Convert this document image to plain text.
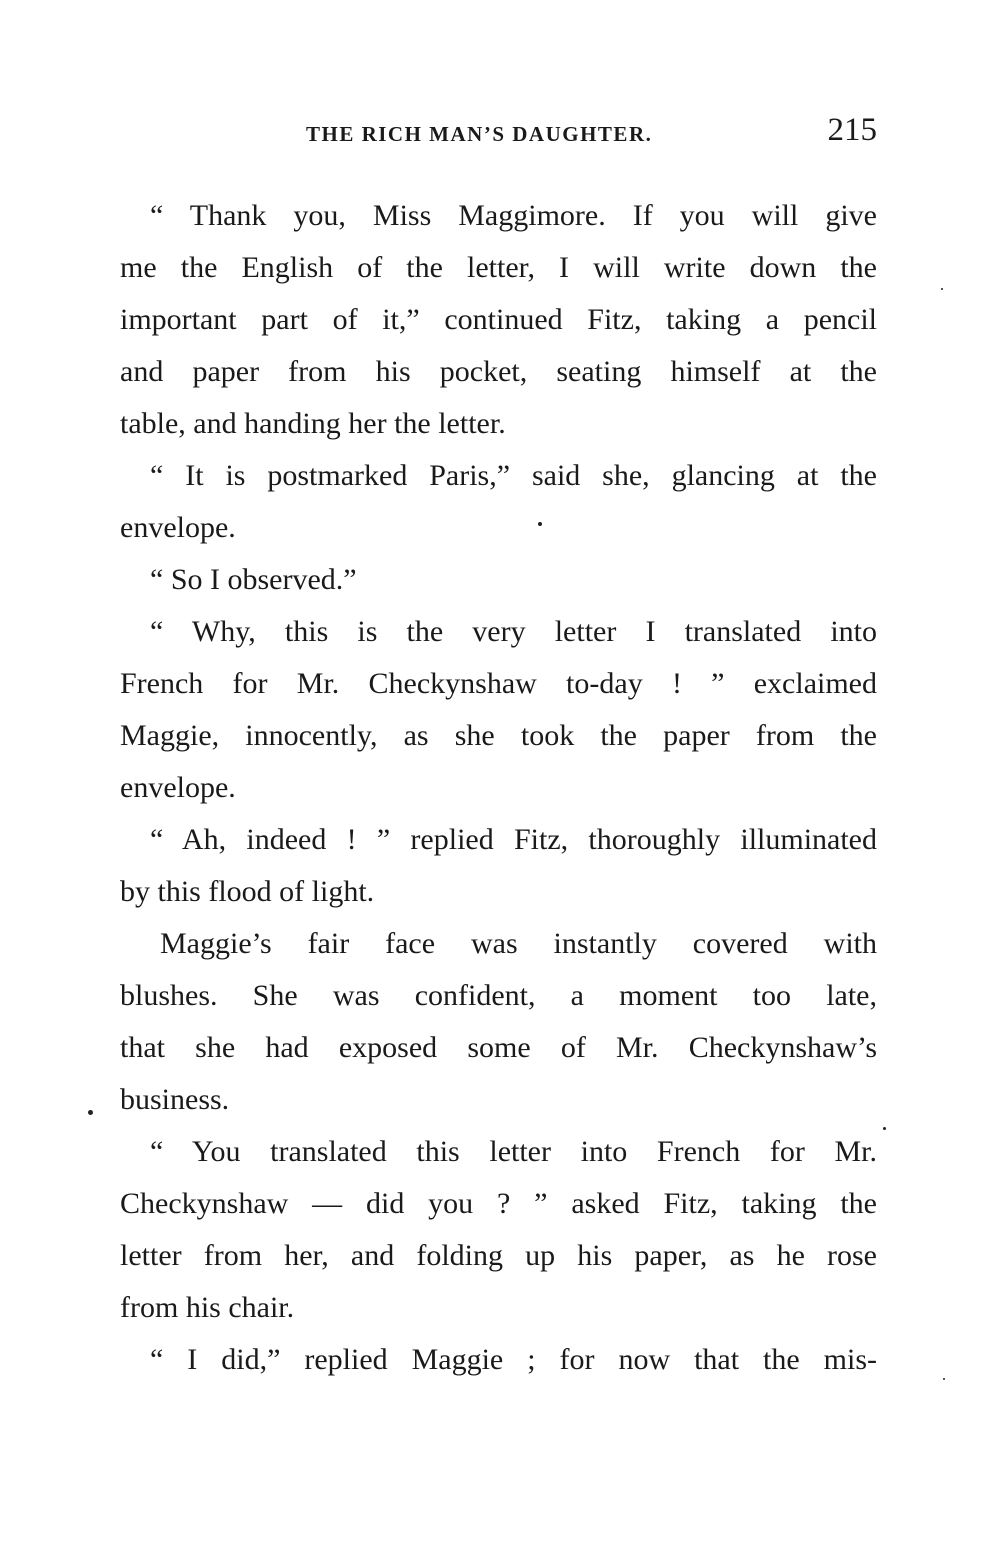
THE RICH MAN’S DAUGHTER.	215
“ Thank you, Miss Maggimore. If you will give
me the English of the letter, I will write down the
important part of it,” continued Fitz, taking a pencil
and paper from his pocket, seating himself at the
table, and handing her the letter.
“ It is postmarked Paris,” said she, glancing at the
envelope.
“ So I observed.”
“ Why, this is the very letter I translated into
French for Mr. Checkynshaw to-day ! ” exclaimed
Maggie, innocently, as she took the paper from the
envelope.
“ Ah, indeed ! ” replied Fitz, thoroughly illuminated
by this flood of light.
Maggie’s fair face was instantly covered with
blushes. She was confident, a moment too late,
that she had exposed some of Mr. Checkynshaw’s
business.
“ You translated this letter into French for Mr.
Checkynshaw — did you ? ” asked Fitz, taking the
letter from her, and folding up his paper, as he rose
from his chair.
“ I did,” replied Maggie ; for now that the mis-
